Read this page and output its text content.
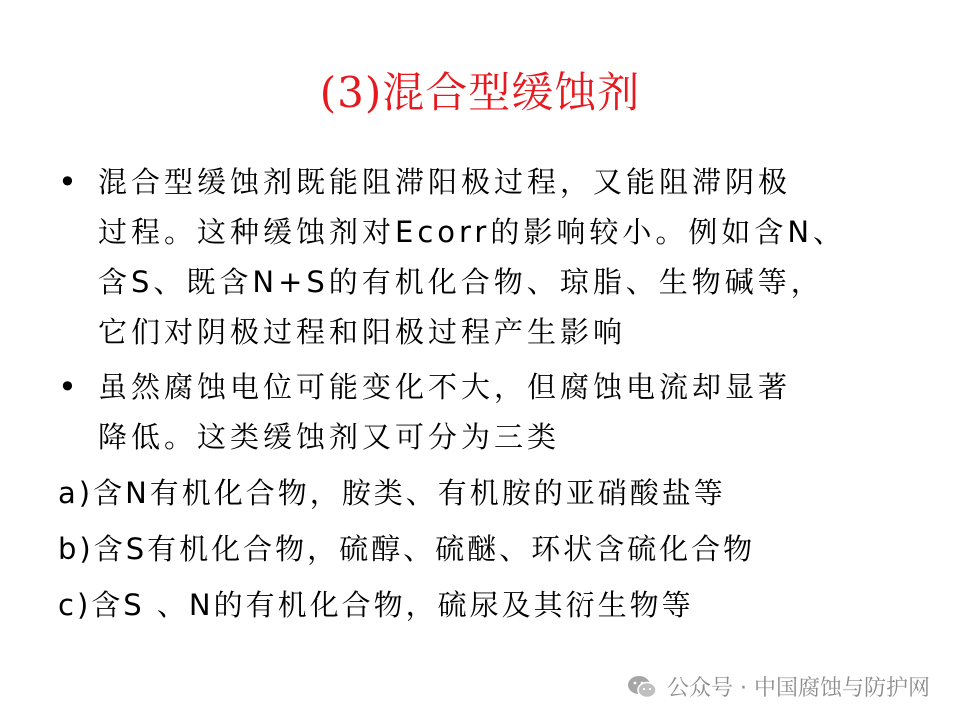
(3)混合型缓蚀剂
• 混合型缓蚀剂既能阻滞阳极过程，又能阻滞阴极
过程。这种缓蚀剂对Ecorr的影响较小。例如含N、
含S、既含N+S的有机化合物、琼脂、生物碱等，
它们对阴极过程和阳极过程产生影响
• 虽然腐蚀电位可能变化不大，但腐蚀电流却显著
降低。这类缓蚀剂又可分为三类
a)含N有机化合物，胺类、有机胺的亚硝酸盐等
b)含S有机化合物，硫醇、硫醚、环状含硫化合物
c)含S 、N的有机化合物，硫尿及其衍生物等
公众号 · 中国腐蚀与防护网
